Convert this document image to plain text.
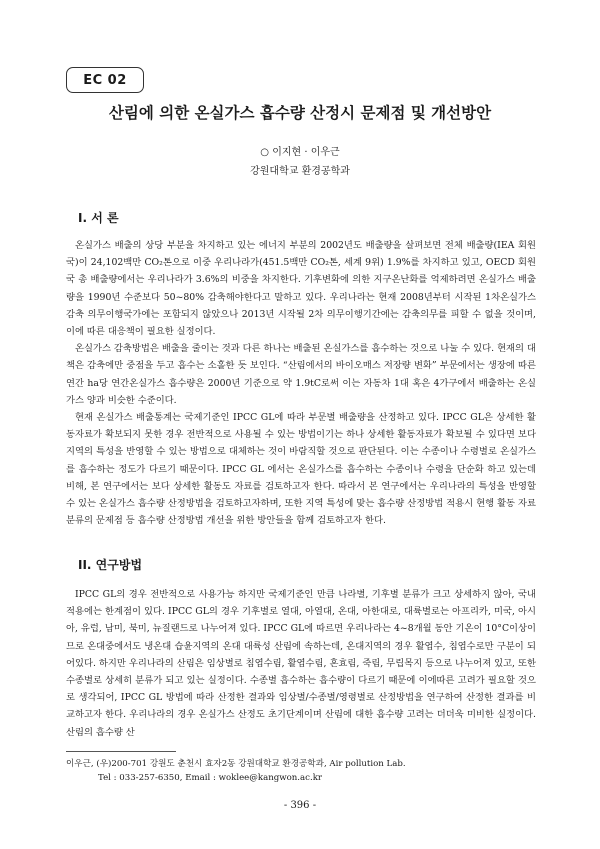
EC 02
산림에 의한 온실가스 흡수량 산정시 문제점 및 개선방안
○ 이지현 · 이우근
강원대학교 환경공학과
I. 서 론

온실가스 배출의 상당 부분을 차지하고 있는 에너지 부분의 2002년도 배출량을 살펴보면 전체 배출량(IEA 회원국)이 24,102백만 CO₂톤으로 이중 우리나라가(451.5백만 CO₂톤, 세계 9위) 1.9%를 차지하고 있고, OECD 회원국 총 배출량에서는 우리나라가 3.6%의 비중을 차지한다. 기후변화에 의한 지구온난화를 억제하려면 온실가스 배출량을 1990년 수준보다 50~80% 감축해야한다고 말하고 있다. 우리나라는 현재 2008년부터 시작된 1차온실가스감축 의무이행국가에는 포함되지 않았으나 2013년 시작될 2차 의무이행기간에는 감축의무를 피할 수 없을 것이며, 이에 따른 대응책이 필요한 실정이다.

온실가스 감축방법은 배출을 줄이는 것과 다른 하나는 배출된 온실가스를 흡수하는 것으로 나눌 수 있다. 현재의 대책은 감축에만 중점을 두고 흡수는 소홀한 듯 보인다. “산림에서의 바이오매스 저장량 변화” 부문에서는 생장에 따른 연간 ha당 연간온실가스 흡수량은 2000년 기준으로 약 1.9tC로써 이는 자동차 1대 혹은 4가구에서 배출하는 온실가스 양과 비슷한 수준이다.

현재 온실가스 배출통계는 국제기준인 IPCC GL에 따라 부문별 배출량을 산정하고 있다. IPCC GL은 상세한 활동자료가 확보되지 못한 경우 전반적으로 사용될 수 있는 방법이기는 하나 상세한 활동자료가 확보될 수 있다면 보다 지역의 특성을 반영할 수 있는 방법으로 대체하는 것이 바람직할 것으로 판단된다. 이는 수종이나 수령별로 온실가스를 흡수하는 정도가 다르기 때문이다. IPCC GL 에서는 온실가스를 흡수하는 수종이나 수령을 단순화 하고 있는데 비해, 본 연구에서는 보다 상세한 활동도 자료를 검토하고자 한다. 따라서 본 연구에서는 우리나라의 특성을 반영할 수 있는 온실가스 흡수량 산정방법을 검토하고자하며, 또한 지역 특성에 맞는 흡수량 산정방법 적용시 현행 활동 자료 분류의 문제점 등 흡수량 산정방법 개선을 위한 방안들을 함께 검토하고자 한다.

II. 연구방법

IPCC GL의 경우 전반적으로 사용가능 하지만 국제기준인 만큼 나라별, 기후별 분류가 크고 상세하지 않아, 국내 적용에는 한계점이 있다. IPCC GL의 경우 기후별로 열대, 아열대, 온대, 아한대로, 대륙별로는 아프리카, 미국, 아시아, 유럽, 남미, 북미, 뉴질랜드로 나누어져 있다. IPCC GL에 따르면 우리나라는 4~8개월 동안 기온이 10°C이상이므로 온대중에서도 냉온대 습윤지역의 온대 대륙성 산림에 속하는데, 온대지역의 경우 활엽수, 침엽수로만 구분이 되어있다. 하지만 우리나라의 산림은 임상별로 침엽수림, 활엽수림, 혼효림, 죽림, 무립목지 등으로 나누어져 있고, 또한 수종별로 상세히 분류가 되고 있는 실정이다. 수종별 흡수하는 흡수량이 다르기 때문에 이에따른 고려가 필요할 것으로 생각되어, IPCC GL 방법에 따라 산정한 결과와 임상별/수종별/영령별로 산정방법을 연구하여 산정한 결과를 비교하고자 한다. 우리나라의 경우 온실가스 산정도 초기단계이며 산림에 대한 흡수량 고려는 더더욱 미비한 실정이다. 산림의 흡수량 산

이우근, (우)200-701 강원도 춘천시 효자2동 강원대학교 환경공학과, Air pollution Lab.
Tel : 033-257-6350, Email : woklee@kangwon.ac.kr
- 396 -
